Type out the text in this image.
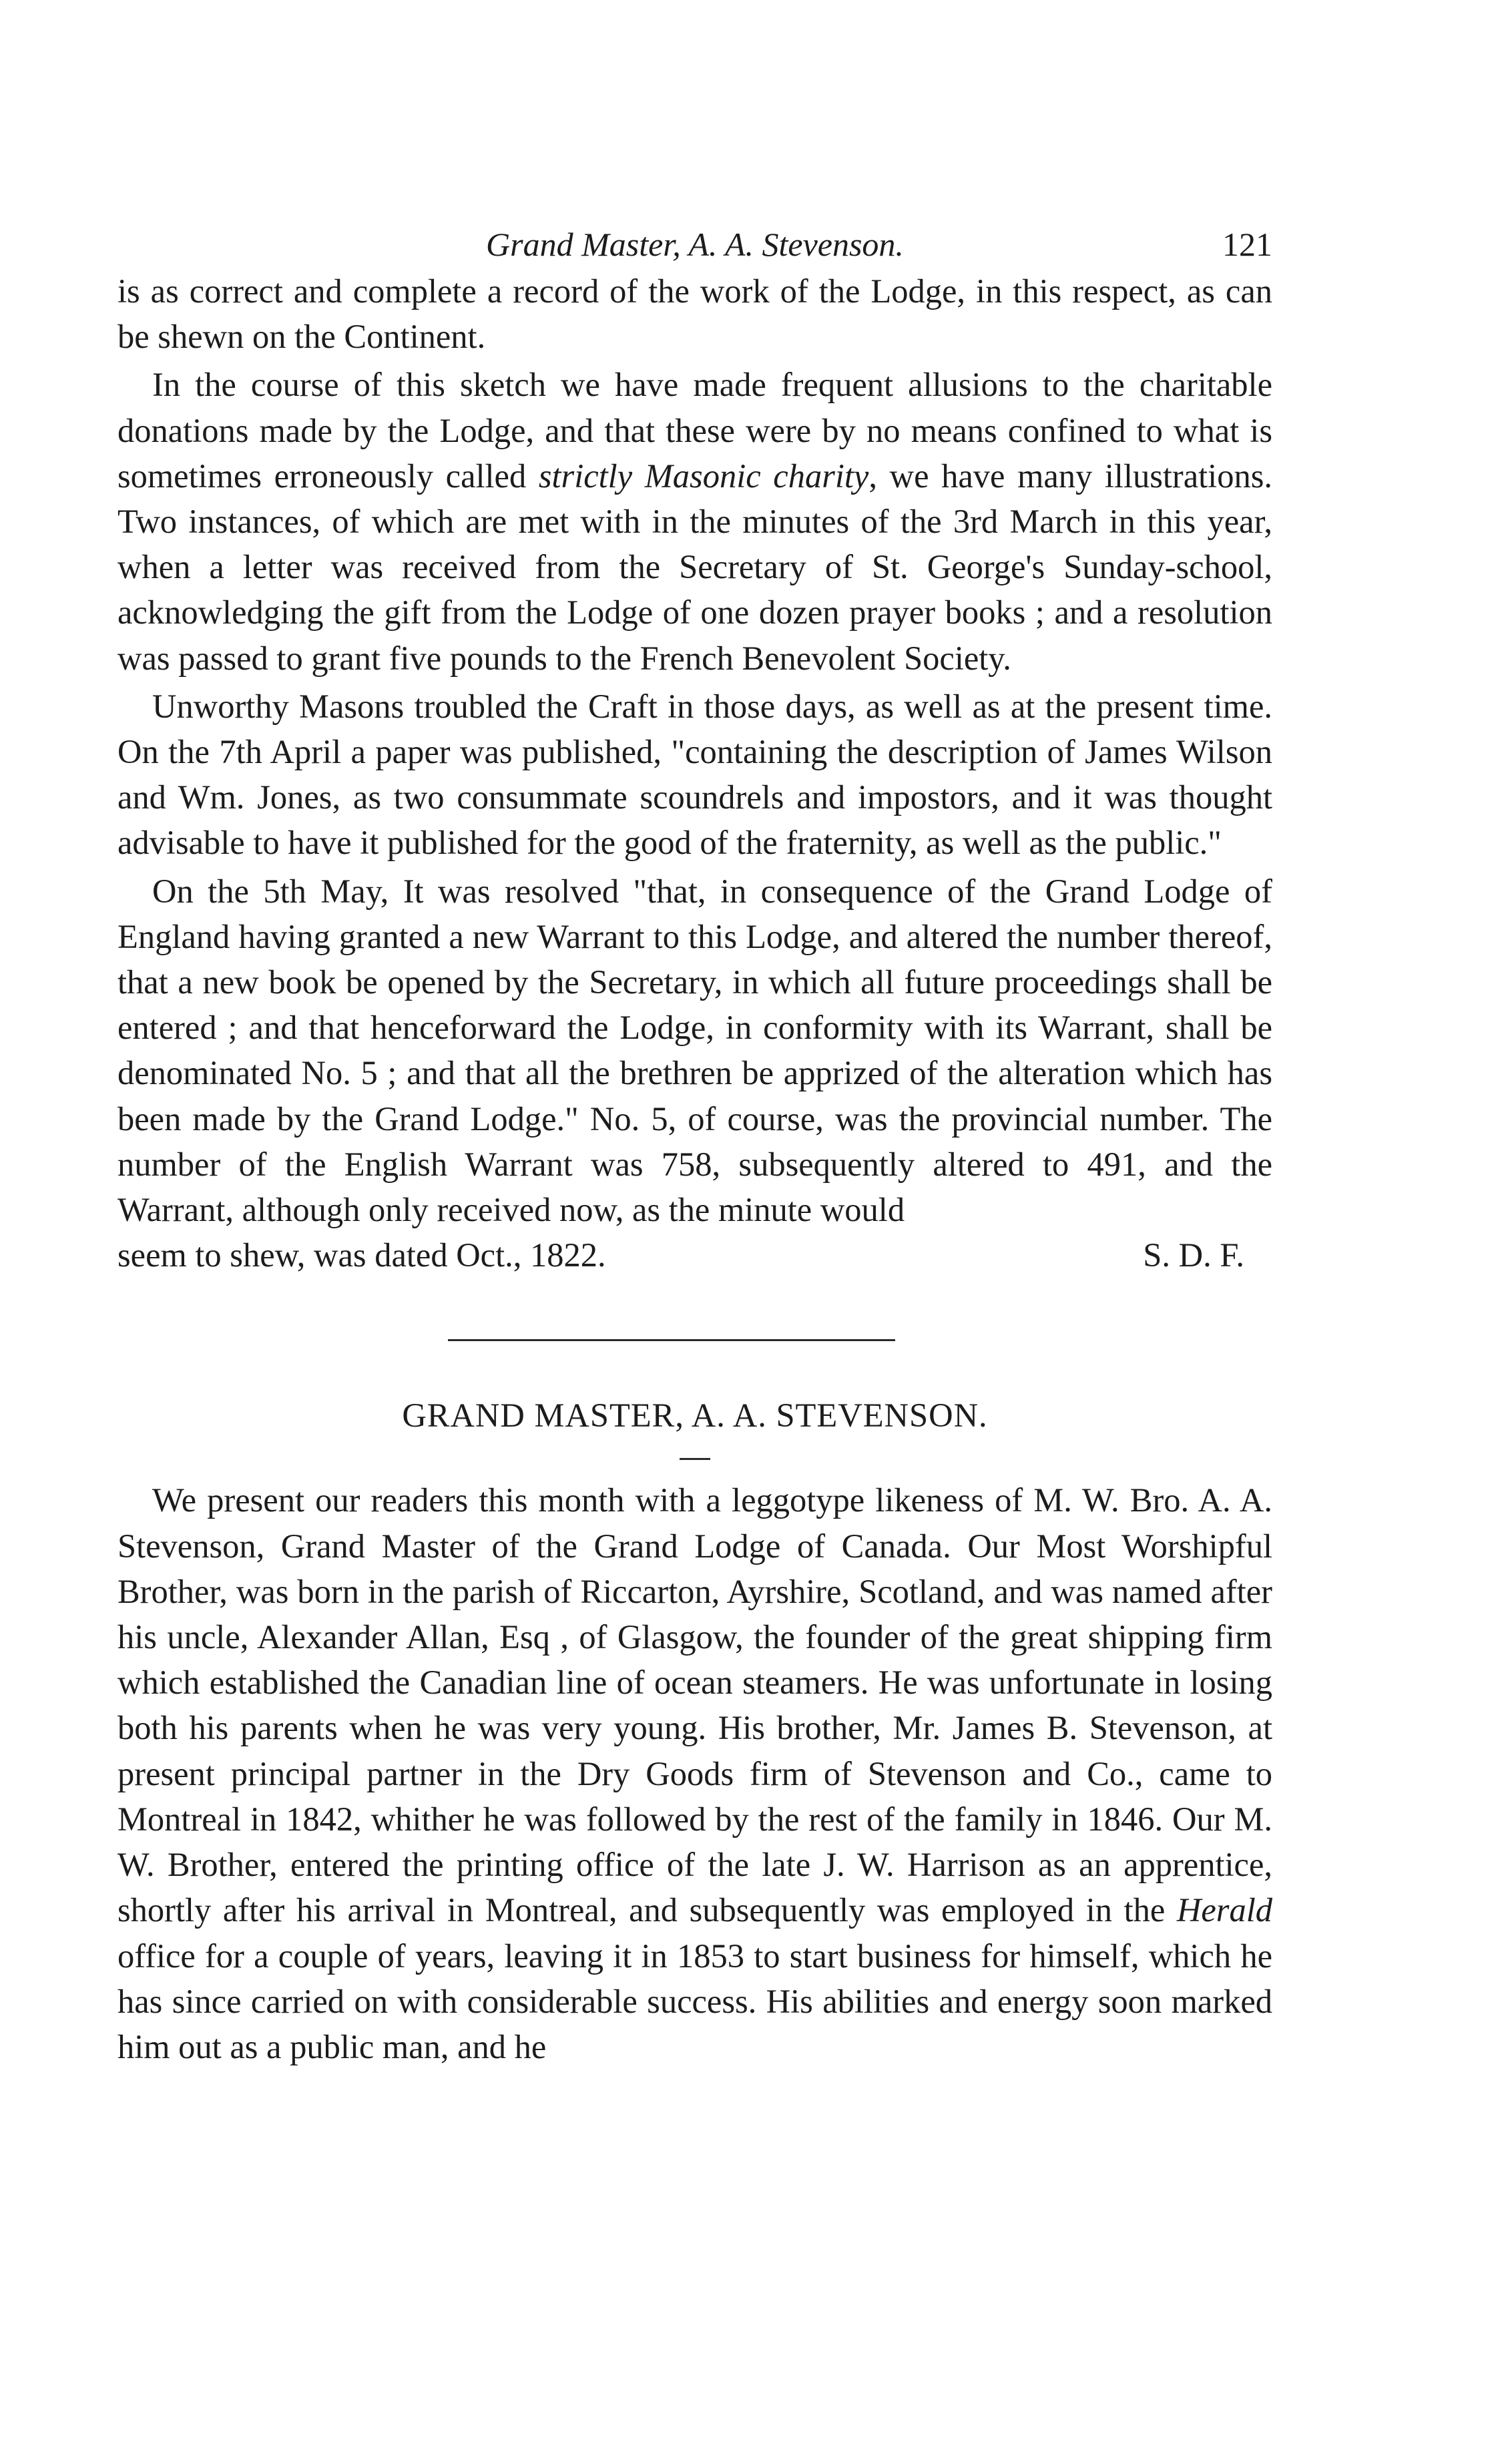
Grand Master, A. A. Stevenson.	121

is as correct and complete a record of the work of the Lodge, in this respect, as can be shewn on the Continent.

In the course of this sketch we have made frequent allusions to the charitable donations made by the Lodge, and that these were by no means confined to what is sometimes erroneously called strictly Masonic charity, we have many illustrations. Two instances, of which are met with in the minutes of the 3rd March in this year, when a letter was received from the Secretary of St. George's Sunday-school, acknowledging the gift from the Lodge of one dozen prayer books ; and a resolution was passed to grant five pounds to the French Benevolent Society.

Unworthy Masons troubled the Craft in those days, as well as at the present time. On the 7th April a paper was published, "containing the description of James Wilson and Wm. Jones, as two consummate scoundrels and impostors, and it was thought advisable to have it published for the good of the fraternity, as well as the public."

On the 5th May, It was resolved "that, in consequence of the Grand Lodge of England having granted a new Warrant to this Lodge, and altered the number thereof, that a new book be opened by the Secretary, in which all future proceedings shall be entered ; and that henceforward the Lodge, in conformity with its Warrant, shall be denominated No. 5 ; and that all the brethren be apprized of the alteration which has been made by the Grand Lodge." No. 5, of course, was the provincial number. The number of the English Warrant was 758, subsequently altered to 491, and the Warrant, although only received now, as the minute would

seem to shew, was dated Oct., 1822.	S. D. F.
GRAND MASTER, A. A. STEVENSON.

We present our readers this month with a leggotype likeness of M. W. Bro. A. A. Stevenson, Grand Master of the Grand Lodge of Canada. Our Most Worshipful Brother, was born in the parish of Riccarton, Ayrshire, Scotland, and was named after his uncle, Alexander Allan, Esq , of Glasgow, the founder of the great shipping firm which established the Canadian line of ocean steamers. He was unfortunate in losing both his parents when he was very young. His brother, Mr. James B. Stevenson, at present principal partner in the Dry Goods firm of Stevenson and Co., came to Montreal in 1842, whither he was followed by the rest of the family in 1846. Our M. W. Brother, entered the printing office of the late J. W. Harrison as an apprentice, shortly after his arrival in Montreal, and subsequently was employed in the Herald office for a couple of years, leaving it in 1853 to start business for himself, which he has since carried on with considerable success. His abilities and energy soon marked him out as a public man, and he
